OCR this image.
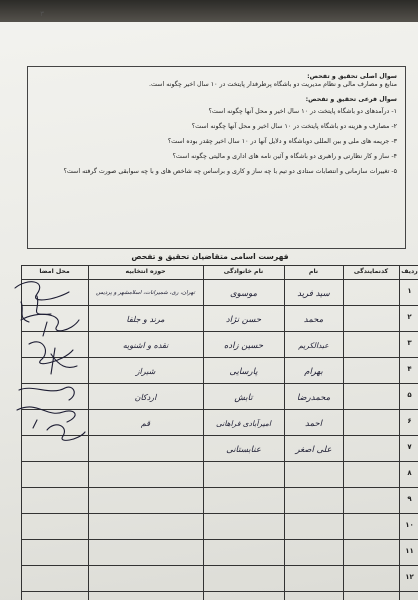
۳
سوال اصلی تحقیق و تفحص:
منابع و مصارف مالی و نظام مدیریت دو باشگاه پرطرفدار پایتخت در ۱۰ سال اخیر چگونه است.
سوال فرعی تحقیق و تفحص:
۱- درآمدهای دو باشگاه پایتخت در ۱۰ سال اخیر و محل آنها چگونه است؟
۲- مصارف و هزینه دو باشگاه پایتخت در ۱۰ سال اخیر و محل آنها چگونه است؟
۳- جریمه های ملی و بین المللی دوباشگاه و دلایل آنها در ۱۰ سال اخیر چقدر بوده است؟
۴- ساز و کار نظارتی و راهبری دو باشگاه و آئین نامه های اداری و مالیتی چگونه است؟
۵- تغییرات سازمانی و انتصابات ستادی دو تیم با چه ساز و کاری و براساس چه شاخص های و با چه سوابقی صورت گرفته است؟
فهرست اسامی متقاضیان تحقیق و تفحص
ردیف
کدنمایندگی
نام
نام خانوادگی
حوزه انتخابیه
محل امضا
۱
سید فرید
موسوی
تهران، ری، شمیرانات، اسلامشهر و پردیس
۲
محمد
حسن نژاد
مرند و جلفا
۳
عبدالکریم
حسین زاده
نقده و اشنویه
۴
بهرام
پارسایی
شیراز
۵
محمدرضا
تابش
اردکان
۶
احمد
امیرآبادی فراهانی
قم
۷
علی اصغر
عنابستانی
۸
۹
۱۰
۱۱
۱۲
